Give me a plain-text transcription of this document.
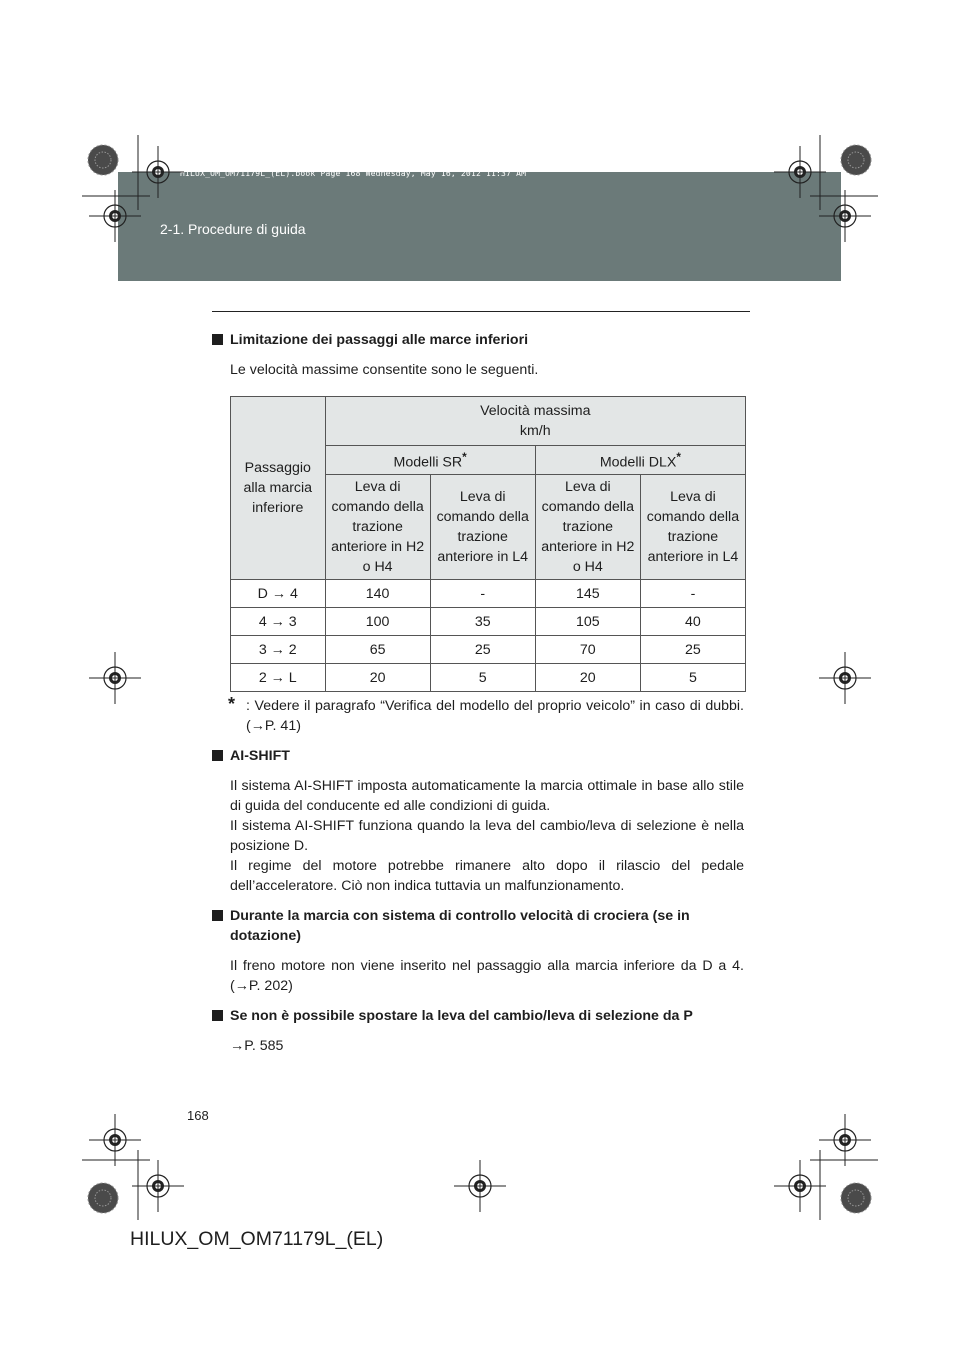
2-1. Procedure di guida
HILUX_OM_OM71179L_(EL).book Page 168 Wednesday, May 16, 2012 11:37 AM
Limitazione dei passaggi alle marce inferiori
Le velocità massime consentite sono le seguenti.
Passaggio alla marcia inferiore	Velocità massima
km/h			

	Modelli SR*		Modelli DLX*
	Leva di comando della trazione anteriore in H2 o H4	Leva di comando della trazione anteriore in L4	Leva di comando della trazione anteriore in H2 o H4	Leva di comando della trazione anteriore in L4
D → 4	140	-	145	-
4 → 3	100	35	105	40
3 → 2	65	25	70	25
2 → L	20	5	20	5
* : Vedere il paragrafo “Verifica del modello del proprio veicolo” in caso di dubbi. (→P. 41)
AI-SHIFT
Il sistema AI-SHIFT imposta automaticamente la marcia ottimale in base allo stile di guida del conducente ed alle condizioni di guida.
Il sistema AI-SHIFT funziona quando la leva del cambio/leva di selezione è nella posizione D.
Il regime del motore potrebbe rimanere alto dopo il rilascio del pedale dell’acceleratore. Ciò non indica tuttavia un malfunzionamento.
Durante la marcia con sistema di controllo velocità di crociera (se in dotazione)
Il freno motore non viene inserito nel passaggio alla marcia inferiore da D a 4. (→P. 202)
Se non è possibile spostare la leva del cambio/leva di selezione da P
→P. 585
168
HILUX_OM_OM71179L_(EL)
